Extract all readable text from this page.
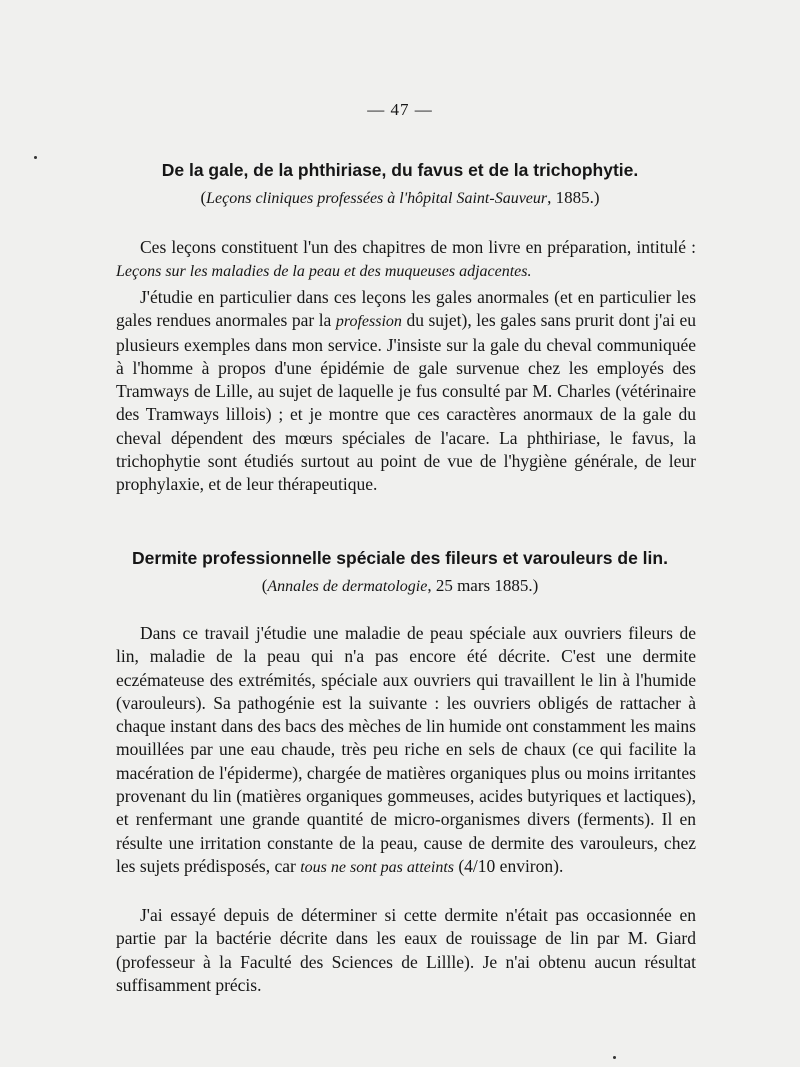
— 47 —
De la gale, de la phthiriase, du favus et de la trichophytie.
(Leçons cliniques professées à l'hôpital Saint-Sauveur, 1885.)

Ces leçons constituent l'un des chapitres de mon livre en préparation, intitulé : Leçons sur les maladies de la peau et des muqueuses adjacentes.

J'étudie en particulier dans ces leçons les gales anormales (et en particulier les gales rendues anormales par la profession du sujet), les gales sans prurit dont j'ai eu plusieurs exemples dans mon service. J'insiste sur la gale du cheval communiquée à l'homme à propos d'une épidémie de gale survenue chez les employés des Tramways de Lille, au sujet de laquelle je fus consulté par M. Charles (vétérinaire des Tramways lillois) ; et je montre que ces caractères anormaux de la gale du cheval dépendent des mœurs spéciales de l'acare. La phthiriase, le favus, la trichophytie sont étudiés surtout au point de vue de l'hygiène générale, de leur prophylaxie, et de leur thérapeutique.

Dermite professionnelle spéciale des fileurs et varouleurs de lin.
(Annales de dermatologie, 25 mars 1885.)

Dans ce travail j'étudie une maladie de peau spéciale aux ouvriers fileurs de lin, maladie de la peau qui n'a pas encore été décrite. C'est une dermite eczémateuse des extrémités, spéciale aux ouvriers qui travaillent le lin à l'humide (varouleurs). Sa pathogénie est la suivante : les ouvriers obligés de rattacher à chaque instant dans des bacs des mèches de lin humide ont constamment les mains mouillées par une eau chaude, très peu riche en sels de chaux (ce qui facilite la macération de l'épiderme), chargée de matières organiques plus ou moins irritantes provenant du lin (matières organiques gommeuses, acides butyriques et lactiques), et renfermant une grande quantité de micro-organismes divers (ferments). Il en résulte une irritation constante de la peau, cause de dermite des varouleurs, chez les sujets prédisposés, car tous ne sont pas atteints (4/10 environ).

J'ai essayé depuis de déterminer si cette dermite n'était pas occasionnée en partie par la bactérie décrite dans les eaux de rouissage de lin par M. Giard (professeur à la Faculté des Sciences de Lillle). Je n'ai obtenu aucun résultat suffisamment précis.
